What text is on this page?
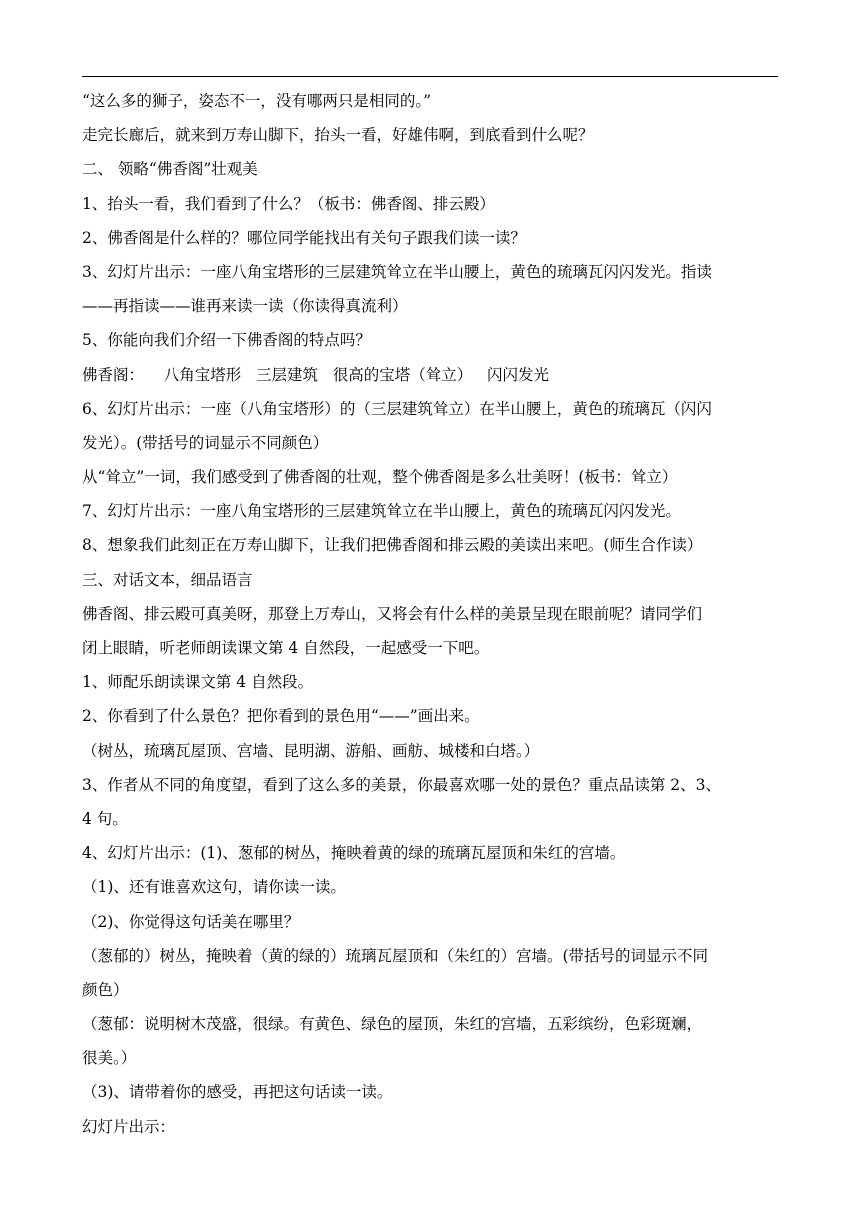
“这么多的狮子，姿态不一，没有哪两只是相同的。”
走完长廊后，就来到万寿山脚下，抬头一看，好雄伟啊，到底看到什么呢？
二、 领略“佛香阁”壮观美
1、抬头一看，我们看到了什么？（板书：佛香阁、排云殿）
2、佛香阁是什么样的？哪位同学能找出有关句子跟我们读一读？
3、幻灯片出示：一座八角宝塔形的三层建筑耸立在半山腰上，黄色的琉璃瓦闪闪发光。指读
——再指读——谁再来读一读（你读得真流利）
5、你能向我们介绍一下佛香阁的特点吗？
佛香阁：    八角宝塔形   三层建筑   很高的宝塔（耸立）   闪闪发光
6、幻灯片出示：一座（八角宝塔形）的（三层建筑耸立）在半山腰上，黄色的琉璃瓦（闪闪
发光）。(带括号的词显示不同颜色）
从“耸立”一词，我们感受到了佛香阁的壮观，整个佛香阁是多么壮美呀！(板书：耸立）
7、幻灯片出示：一座八角宝塔形的三层建筑耸立在半山腰上，黄色的琉璃瓦闪闪发光。
8、想象我们此刻正在万寿山脚下，让我们把佛香阁和排云殿的美读出来吧。(师生合作读）
三、对话文本，细品语言
佛香阁、排云殿可真美呀，那登上万寿山，又将会有什么样的美景呈现在眼前呢？请同学们
闭上眼睛，听老师朗读课文第 4 自然段，一起感受一下吧。
1、师配乐朗读课文第 4 自然段。
2、你看到了什么景色？把你看到的景色用“——”画出来。
（树丛，琉璃瓦屋顶、宫墙、昆明湖、游船、画舫、城楼和白塔。）
3、作者从不同的角度望，看到了这么多的美景，你最喜欢哪一处的景色？重点品读第 2、3、
4 句。
4、幻灯片出示：(1)、葱郁的树丛，掩映着黄的绿的琉璃瓦屋顶和朱红的宫墙。
（1)、还有谁喜欢这句，请你读一读。
（2)、你觉得这句话美在哪里？
（葱郁的）树丛，掩映着（黄的绿的）琉璃瓦屋顶和（朱红的）宫墙。(带括号的词显示不同
颜色）
（葱郁：说明树木茂盛，很绿。有黄色、绿色的屋顶，朱红的宫墙，五彩缤纷，色彩斑斓，
很美。）
（3)、请带着你的感受，再把这句话读一读。
幻灯片出示：
